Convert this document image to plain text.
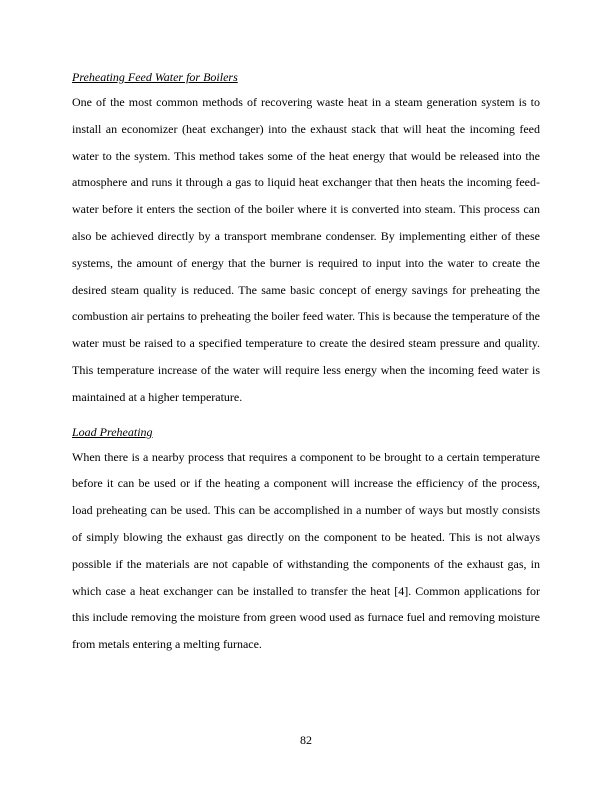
Preheating Feed Water for Boilers

One of the most common methods of recovering waste heat in a steam generation system is to install an economizer (heat exchanger) into the exhaust stack that will heat the incoming feed water to the system. This method takes some of the heat energy that would be released into the atmosphere and runs it through a gas to liquid heat exchanger that then heats the incoming feed-water before it enters the section of the boiler where it is converted into steam. This process can also be achieved directly by a transport membrane condenser. By implementing either of these systems, the amount of energy that the burner is required to input into the water to create the desired steam quality is reduced. The same basic concept of energy savings for preheating the combustion air pertains to preheating the boiler feed water. This is because the temperature of the water must be raised to a specified temperature to create the desired steam pressure and quality. This temperature increase of the water will require less energy when the incoming feed water is maintained at a higher temperature.

Load Preheating

When there is a nearby process that requires a component to be brought to a certain temperature before it can be used or if the heating a component will increase the efficiency of the process, load preheating can be used. This can be accomplished in a number of ways but mostly consists of simply blowing the exhaust gas directly on the component to be heated. This is not always possible if the materials are not capable of withstanding the components of the exhaust gas, in which case a heat exchanger can be installed to transfer the heat [4]. Common applications for this include removing the moisture from green wood used as furnace fuel and removing moisture from metals entering a melting furnace.

82
